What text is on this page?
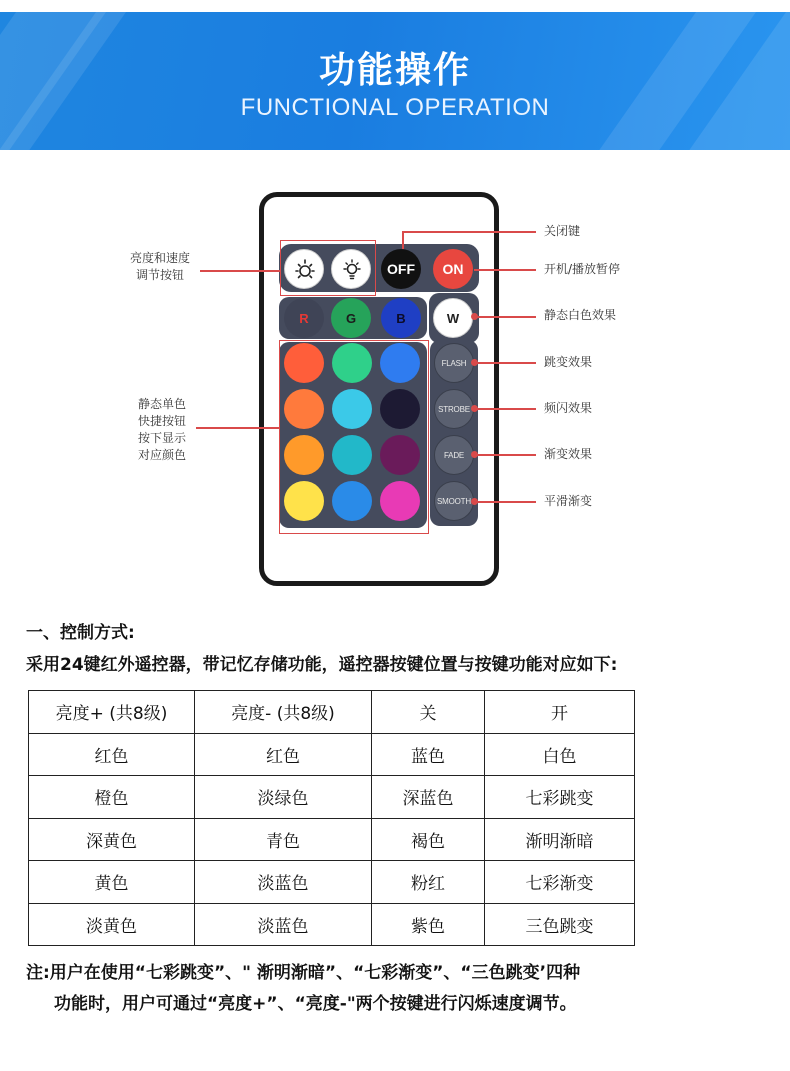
功能操作
FUNCTIONAL OPERATION
OFF	ON
R	G	B	W
FLASH
STROBE
FADE
SMOOTH
亮度和速度
调节按钮
静态单色
快捷按钮
按下显示
对应颜色
关闭键
开机/播放暂停
静态白色效果
跳变效果
频闪效果
渐变效果
平滑渐变
一、控制方式:
采用24键红外遥控器，带记忆存储功能，遥控器按键位置与按键功能对应如下:
亮度+ (共8级)	亮度- (共8级)	关	开
红色	红色	蓝色	白色
橙色	淡绿色	深蓝色	七彩跳变
深黄色	青色	褐色	渐明渐暗
黄色	淡蓝色	粉红	七彩渐变
淡黄色	淡蓝色	紫色	三色跳变
注:用户在使用“七彩跳变”、" 渐明渐暗”、“七彩渐变”、“三色跳变’四种
功能时，用户可通过“亮度+”、“亮度-"两个按键进行闪烁速度调节。
